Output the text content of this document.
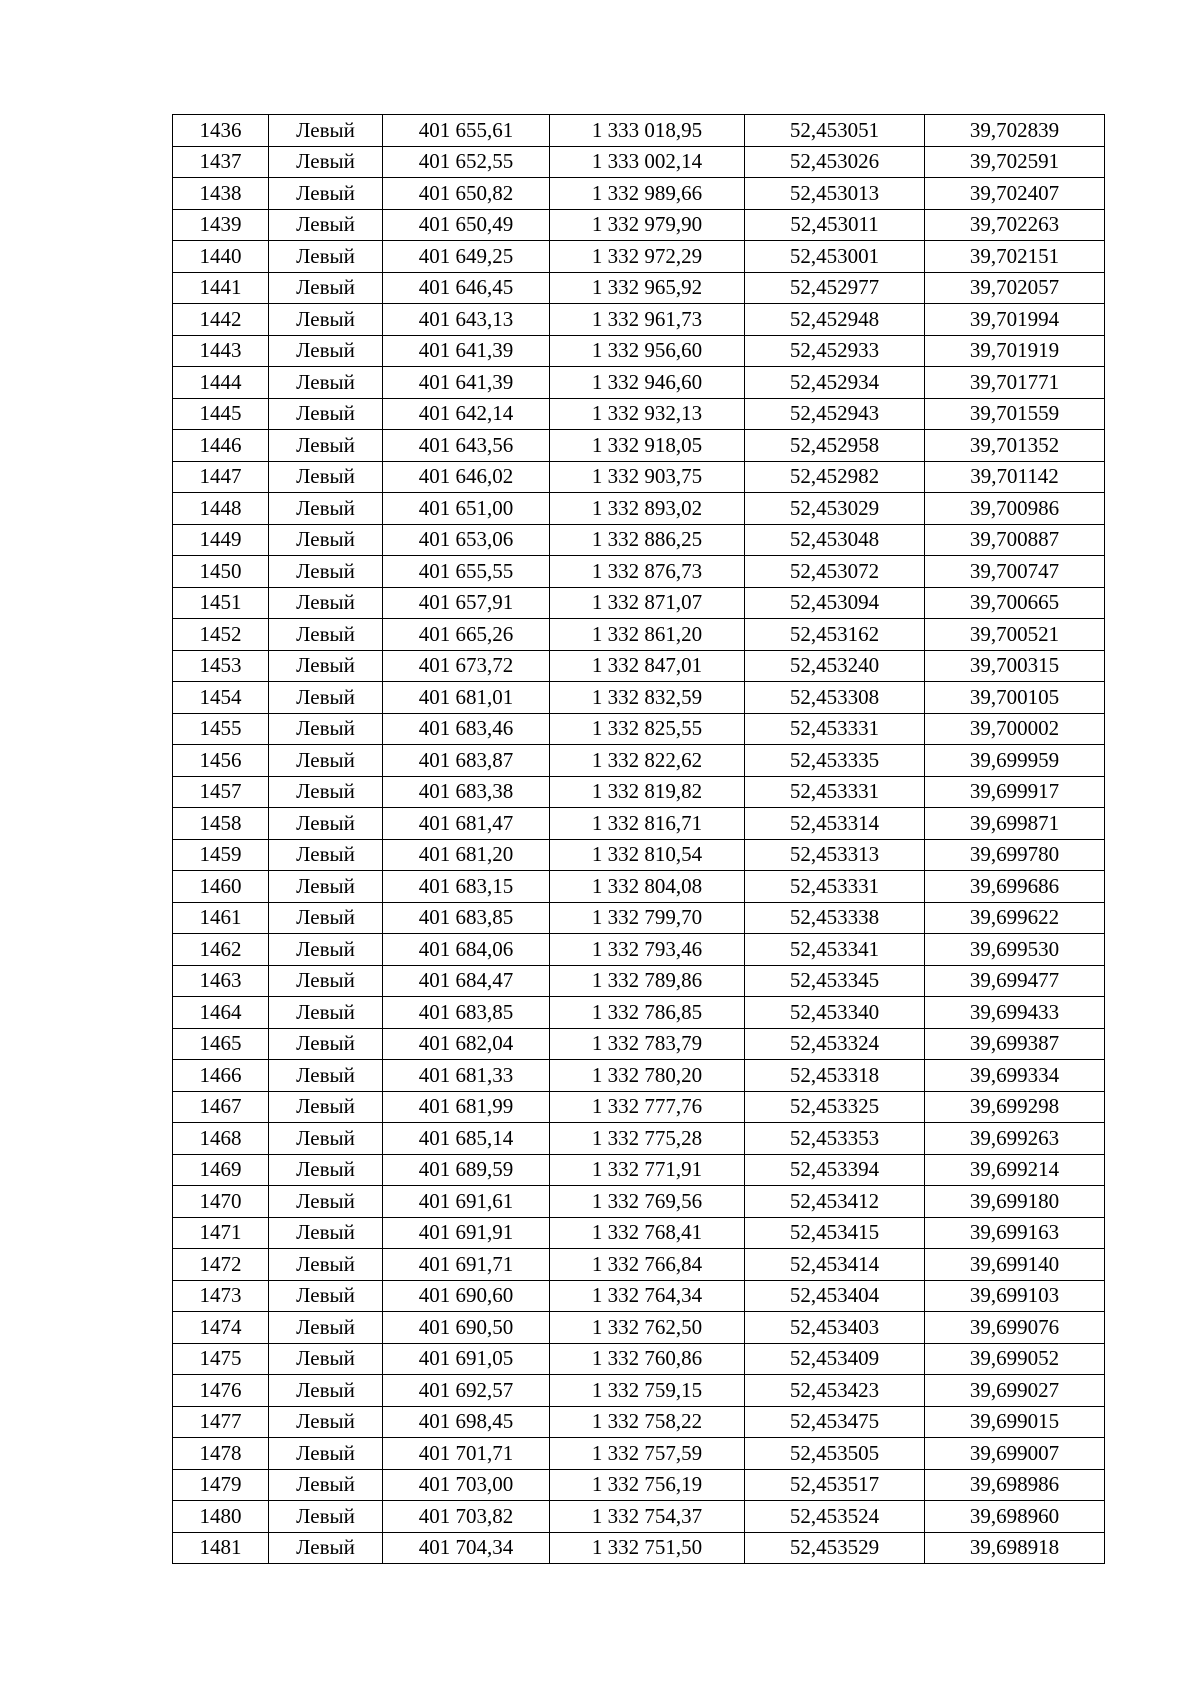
1436	Левый	401 655,61	1 333 018,95	52,453051	39,702839
1437	Левый	401 652,55	1 333 002,14	52,453026	39,702591
1438	Левый	401 650,82	1 332 989,66	52,453013	39,702407
1439	Левый	401 650,49	1 332 979,90	52,453011	39,702263
1440	Левый	401 649,25	1 332 972,29	52,453001	39,702151
1441	Левый	401 646,45	1 332 965,92	52,452977	39,702057
1442	Левый	401 643,13	1 332 961,73	52,452948	39,701994
1443	Левый	401 641,39	1 332 956,60	52,452933	39,701919
1444	Левый	401 641,39	1 332 946,60	52,452934	39,701771
1445	Левый	401 642,14	1 332 932,13	52,452943	39,701559
1446	Левый	401 643,56	1 332 918,05	52,452958	39,701352
1447	Левый	401 646,02	1 332 903,75	52,452982	39,701142
1448	Левый	401 651,00	1 332 893,02	52,453029	39,700986
1449	Левый	401 653,06	1 332 886,25	52,453048	39,700887
1450	Левый	401 655,55	1 332 876,73	52,453072	39,700747
1451	Левый	401 657,91	1 332 871,07	52,453094	39,700665
1452	Левый	401 665,26	1 332 861,20	52,453162	39,700521
1453	Левый	401 673,72	1 332 847,01	52,453240	39,700315
1454	Левый	401 681,01	1 332 832,59	52,453308	39,700105
1455	Левый	401 683,46	1 332 825,55	52,453331	39,700002
1456	Левый	401 683,87	1 332 822,62	52,453335	39,699959
1457	Левый	401 683,38	1 332 819,82	52,453331	39,699917
1458	Левый	401 681,47	1 332 816,71	52,453314	39,699871
1459	Левый	401 681,20	1 332 810,54	52,453313	39,699780
1460	Левый	401 683,15	1 332 804,08	52,453331	39,699686
1461	Левый	401 683,85	1 332 799,70	52,453338	39,699622
1462	Левый	401 684,06	1 332 793,46	52,453341	39,699530
1463	Левый	401 684,47	1 332 789,86	52,453345	39,699477
1464	Левый	401 683,85	1 332 786,85	52,453340	39,699433
1465	Левый	401 682,04	1 332 783,79	52,453324	39,699387
1466	Левый	401 681,33	1 332 780,20	52,453318	39,699334
1467	Левый	401 681,99	1 332 777,76	52,453325	39,699298
1468	Левый	401 685,14	1 332 775,28	52,453353	39,699263
1469	Левый	401 689,59	1 332 771,91	52,453394	39,699214
1470	Левый	401 691,61	1 332 769,56	52,453412	39,699180
1471	Левый	401 691,91	1 332 768,41	52,453415	39,699163
1472	Левый	401 691,71	1 332 766,84	52,453414	39,699140
1473	Левый	401 690,60	1 332 764,34	52,453404	39,699103
1474	Левый	401 690,50	1 332 762,50	52,453403	39,699076
1475	Левый	401 691,05	1 332 760,86	52,453409	39,699052
1476	Левый	401 692,57	1 332 759,15	52,453423	39,699027
1477	Левый	401 698,45	1 332 758,22	52,453475	39,699015
1478	Левый	401 701,71	1 332 757,59	52,453505	39,699007
1479	Левый	401 703,00	1 332 756,19	52,453517	39,698986
1480	Левый	401 703,82	1 332 754,37	52,453524	39,698960
1481	Левый	401 704,34	1 332 751,50	52,453529	39,698918
